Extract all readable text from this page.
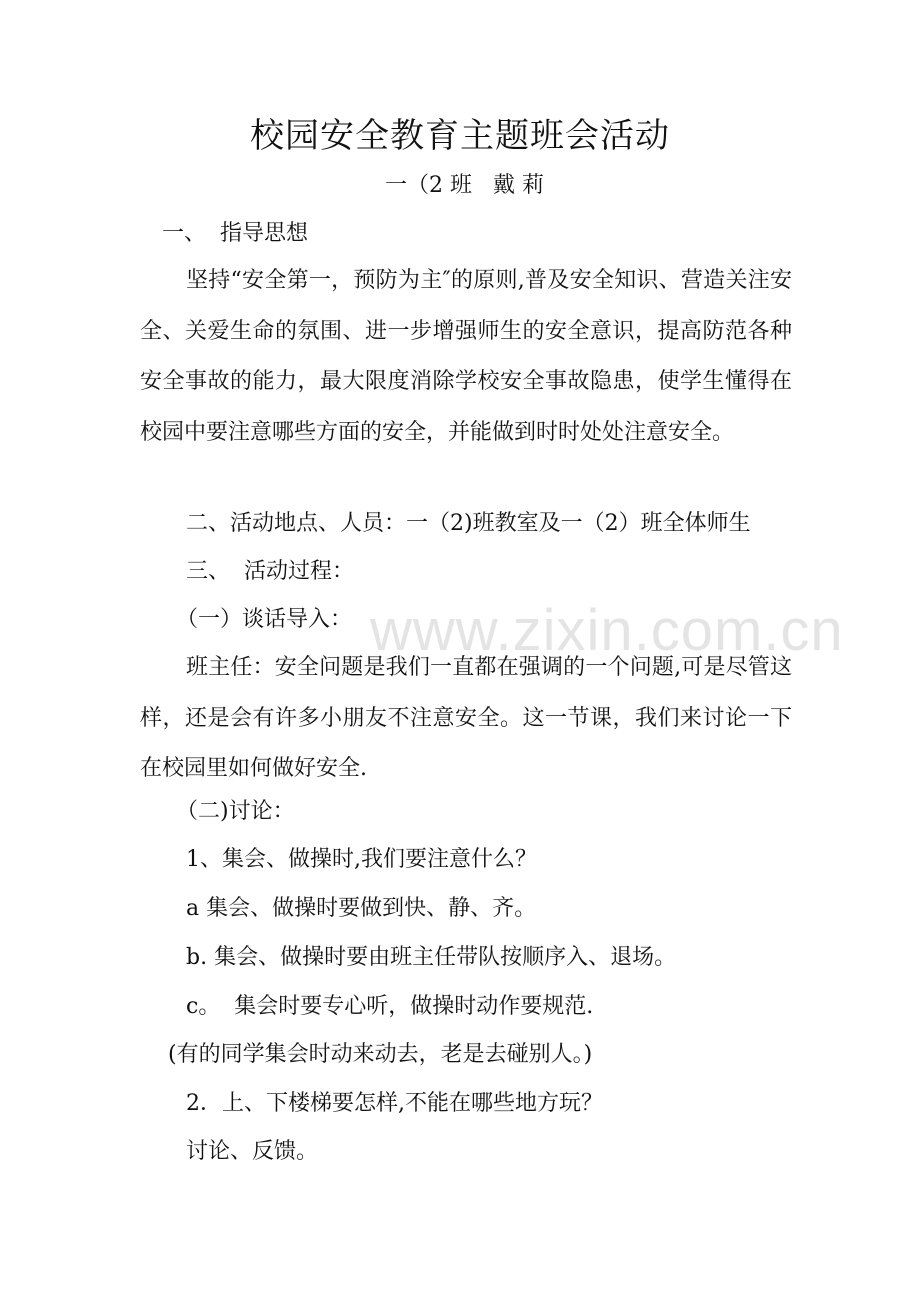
校园安全教育主题班会活动
一（2 班   戴 莉
一、  指导思想
坚持“安全第一，预防为主″的原则,普及安全知识、营造关注安全、关爱生命的氛围、进一步增强师生的安全意识，提高防范各种安全事故的能力，最大限度消除学校安全事故隐患，使学生懂得在校园中要注意哪些方面的安全，并能做到时时处处注意安全。
二、活动地点、人员：一（2)班教室及一（2）班全体师生
三、  活动过程：
（一）谈话导入：
班主任：安全问题是我们一直都在强调的一个问题,可是尽管这样，还是会有许多小朋友不注意安全。这一节课，我们来讨论一下在校园里如何做好安全.
（二)讨论：
1、集会、做操时,我们要注意什么？
a 集会、做操时要做到快、静、齐。
b. 集会、做操时要由班主任带队按顺序入、退场。
c。  集会时要专心听，做操时动作要规范.
(有的同学集会时动来动去，老是去碰别人。)
2．上、下楼梯要怎样,不能在哪些地方玩？
讨论、反馈。
www.zixin.com.cn
